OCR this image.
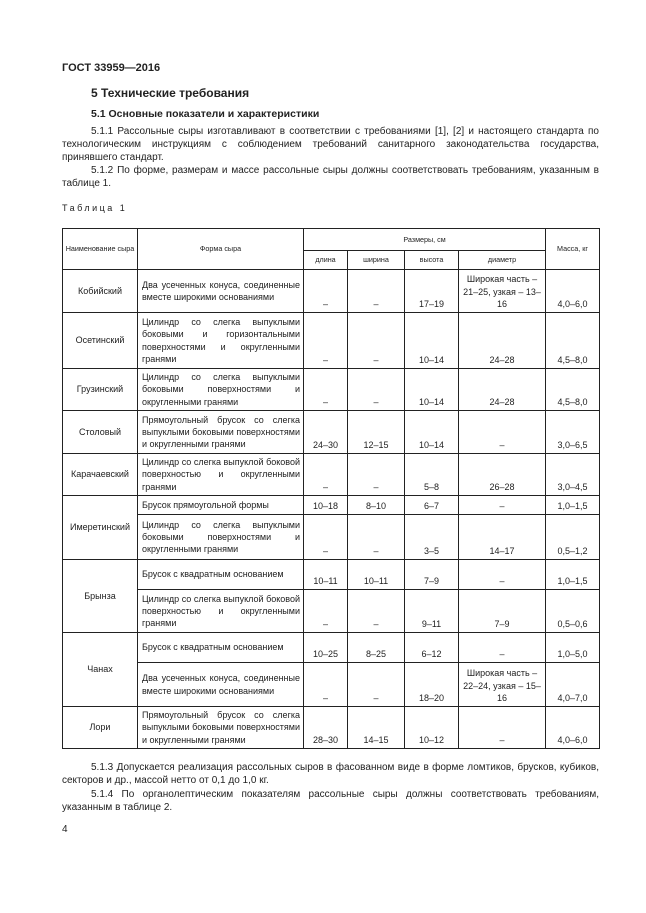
ГОСТ 33959—2016
5 Технические требования
5.1 Основные показатели и характеристики
5.1.1 Рассольные сыры изготавливают в соответствии с требованиями [1], [2] и настоящего стандарта по технологическим инструкциям с соблюдением требований санитарного законодательства государства, принявшего стандарт.
5.1.2 По форме, размерам и массе рассольные сыры должны соответствовать требованиям, указанным в таблице 1.
Таблица 1
Наименование сыра	Форма сыра	Размеры, см				Масса, кг
		длина	ширина	высота	диаметр	
Кобийский	Два усеченных конуса, соединенные вместе широкими основаниями	–	–	17–19	Широкая часть – 21–25, узкая – 13–16	4,0–6,0
Осетинский	Цилиндр со слегка выпуклыми боковыми и горизонтальными поверхностями и округленными гранями	–	–	10–14	24–28	4,5–8,0
Грузинский	Цилиндр со слегка выпуклыми боковыми поверхностями и округленными гранями	–	–	10–14	24–28	4,5–8,0
Столовый	Прямоугольный брусок со слегка выпуклыми боковыми поверхностями и округленными гранями	24–30	12–15	10–14	–	3,0–6,5
Карачаевский	Цилиндр со слегка выпуклой боковой поверхностью и округленными гранями	–	–	5–8	26–28	3,0–4,5
Имеретинский	Брусок прямоугольной формы	10–18	8–10	6–7	–	1,0–1,5
	Цилиндр со слегка выпуклыми боковыми поверхностями и округленными гранями	–	–	3–5	14–17	0,5–1,2
Брынза	Брусок с квадратным основанием	10–11	10–11	7–9	–	1,0–1,5
	Цилиндр со слегка выпуклой боковой поверхностью и округленными гранями	–	–	9–11	7–9	0,5–0,6
Чанах	Брусок с квадратным основанием	10–25	8–25	6–12	–	1,0–5,0
	Два усеченных конуса, соединенные вместе широкими основаниями	–	–	18–20	Широкая часть – 22–24, узкая – 15–16	4,0–7,0
Лори	Прямоугольный брусок со слегка выпуклыми боковыми поверхностями и округленными гранями	28–30	14–15	10–12	–	4,0–6,0
5.1.3 Допускается реализация рассольных сыров в фасованном виде в форме ломтиков, брусков, кубиков, секторов и др., массой нетто от 0,1 до 1,0 кг.
5.1.4 По органолептическим показателям рассольные сыры должны соответствовать требованиям, указанным в таблице 2.
4
